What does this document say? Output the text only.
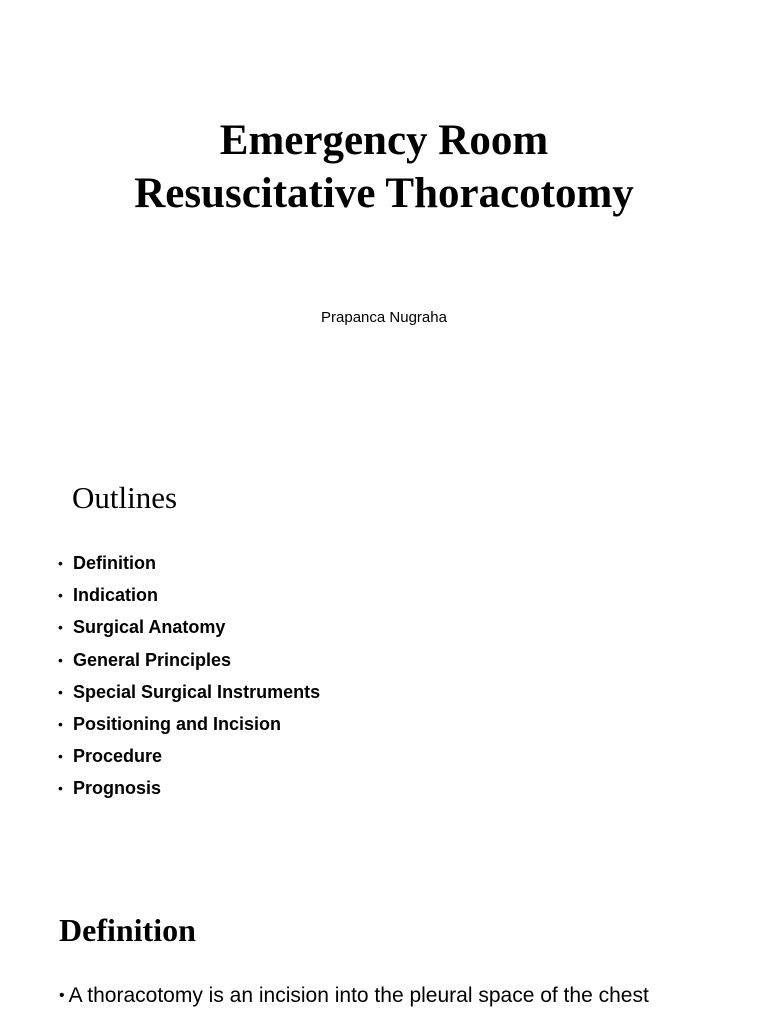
Emergency Room
Resuscitative Thoracotomy
Prapanca Nugraha
Outlines
• Definition
• Indication
• Surgical Anatomy
• General Principles
• Special Surgical Instruments
• Positioning and Incision
• Procedure
• Prognosis
Definition
• A thoracotomy is an incision into the pleural space of the chest
